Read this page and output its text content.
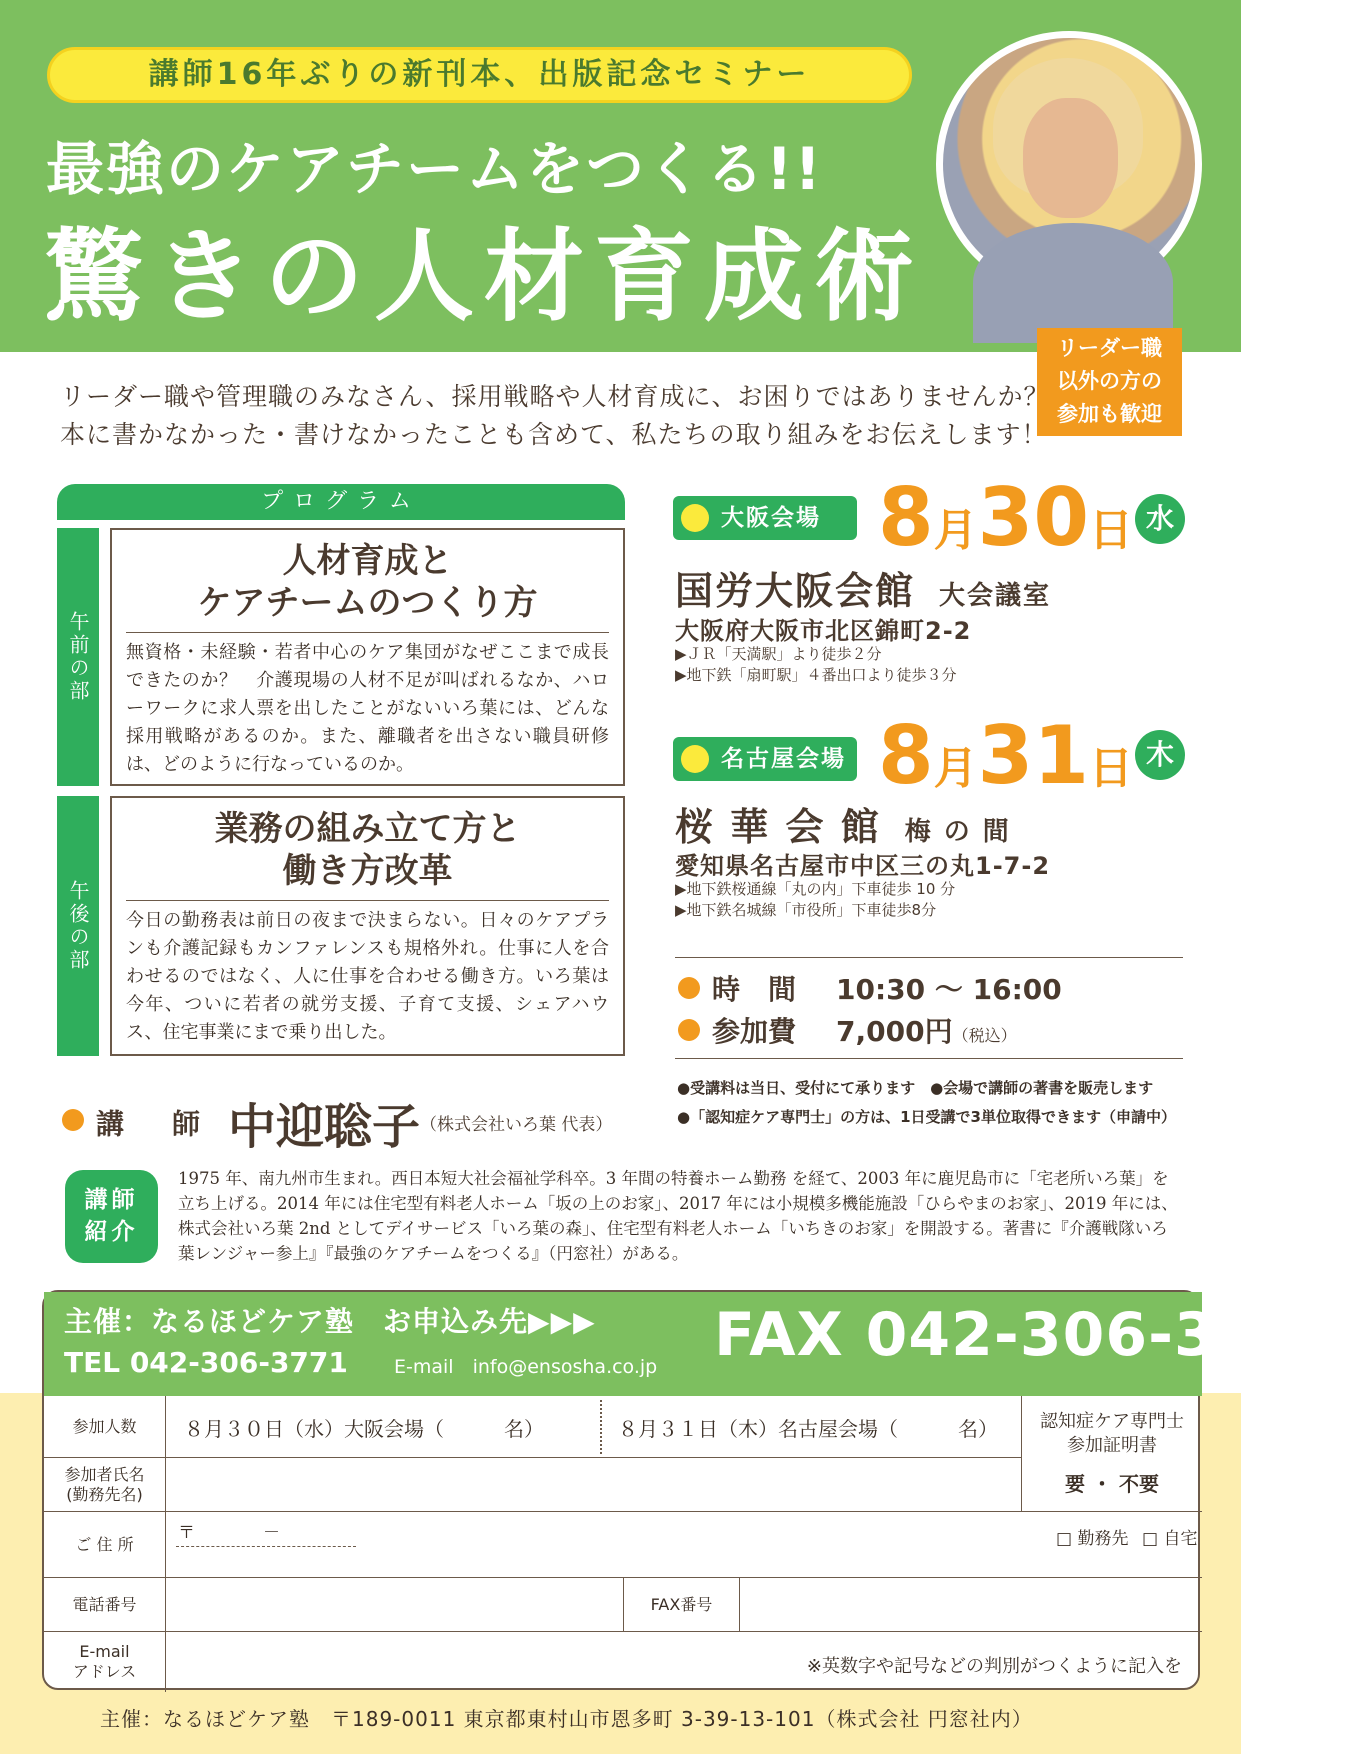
講師16年ぶりの新刊本、出版記念セミナー
最強のケアチームをつくる!!
驚きの人材育成術
リーダー職
以外の方の
参加も歓迎
リーダー職や管理職のみなさん、採用戦略や人材育成に、お困りではありませんか？
本に書かなかった・書けなかったことも含めて、私たちの取り組みをお伝えします！
プログラム
午前の部
人材育成と
ケアチームのつくり方
無資格・未経験・若者中心のケア集団がなぜここまで成長できたのか？　介護現場の人材不足が叫ばれるなか、ハローワークに求人票を出したことがないいろ葉には、どんな採用戦略があるのか。また、離職者を出さない職員研修は、どのように行なっているのか。
午後の部
業務の組み立て方と
働き方改革
今日の勤務表は前日の夜まで決まらない。日々のケアプランも介護記録もカンファレンスも規格外れ。仕事に人を合わせるのではなく、人に仕事を合わせる働き方。いろ葉は今年、ついに若者の就労支援、子育て支援、シェアハウス、住宅事業にまで乗り出した。
大阪会場 8月30日 水
国労大阪会館 大会議室
大阪府大阪市北区錦町2-2
▶ＪＲ「天満駅」より徒歩２分
▶地下鉄「扇町駅」４番出口より徒歩３分
名古屋会場 8月31日 木
桜 華 会 館 梅 の 間
愛知県名古屋市中区三の丸1-7-2
▶地下鉄桜通線「丸の内」下車徒歩 10 分
▶地下鉄名城線「市役所」下車徒歩8分
時　間 10:30 〜 16:00
参加費 7,000円（税込）
●受講料は当日、受付にて承ります　●会場で講師の著書を販売します
●「認知症ケア専門士」の方は、1日受講で3単位取得できます（申請中）
講　師 中迎聡子（株式会社いろ葉 代表）
講師
紹介
1975 年、南九州市生まれ。西日本短大社会福祉学科卒。3 年間の特養ホーム勤務 を経て、2003 年に鹿児島市に「宅老所いろ葉」を立ち上げる。2014 年には住宅型有料老人ホーム「坂の上のお家」、2017 年には小規模多機能施設「ひらやまのお家」、2019 年には、株式会社いろ葉 2nd としてデイサービス「いろ葉の森」、住宅型有料老人ホーム「いちきのお家」を開設する。著書に『介護戦隊いろ葉レンジャー参上』『最強のケアチームをつくる』（円窓社）がある。
主催：なるほどケア塾　 お申込み先▶▶▶
TEL 042-306-3771 E-mail　 info@ensosha.co.jp FAX 042-306-3772
参加人数	８月３０日（水）大阪会場（　　　名）	８月３１日（木）名古屋会場（　　　名）	認知症ケア専門士
参加証明書
要 ・ 不要
参加者氏名
(勤務先名)
ご 住 所
〒　　　　－	□ 勤務先 □ 自宅
電話番号	FAX番号
E-mail
アドレス	※英数字や記号などの判別がつくように記入を
主催：なるほどケア塾　〒189-0011 東京都東村山市恩多町 3-39-13-101（株式会社 円窓社内）
